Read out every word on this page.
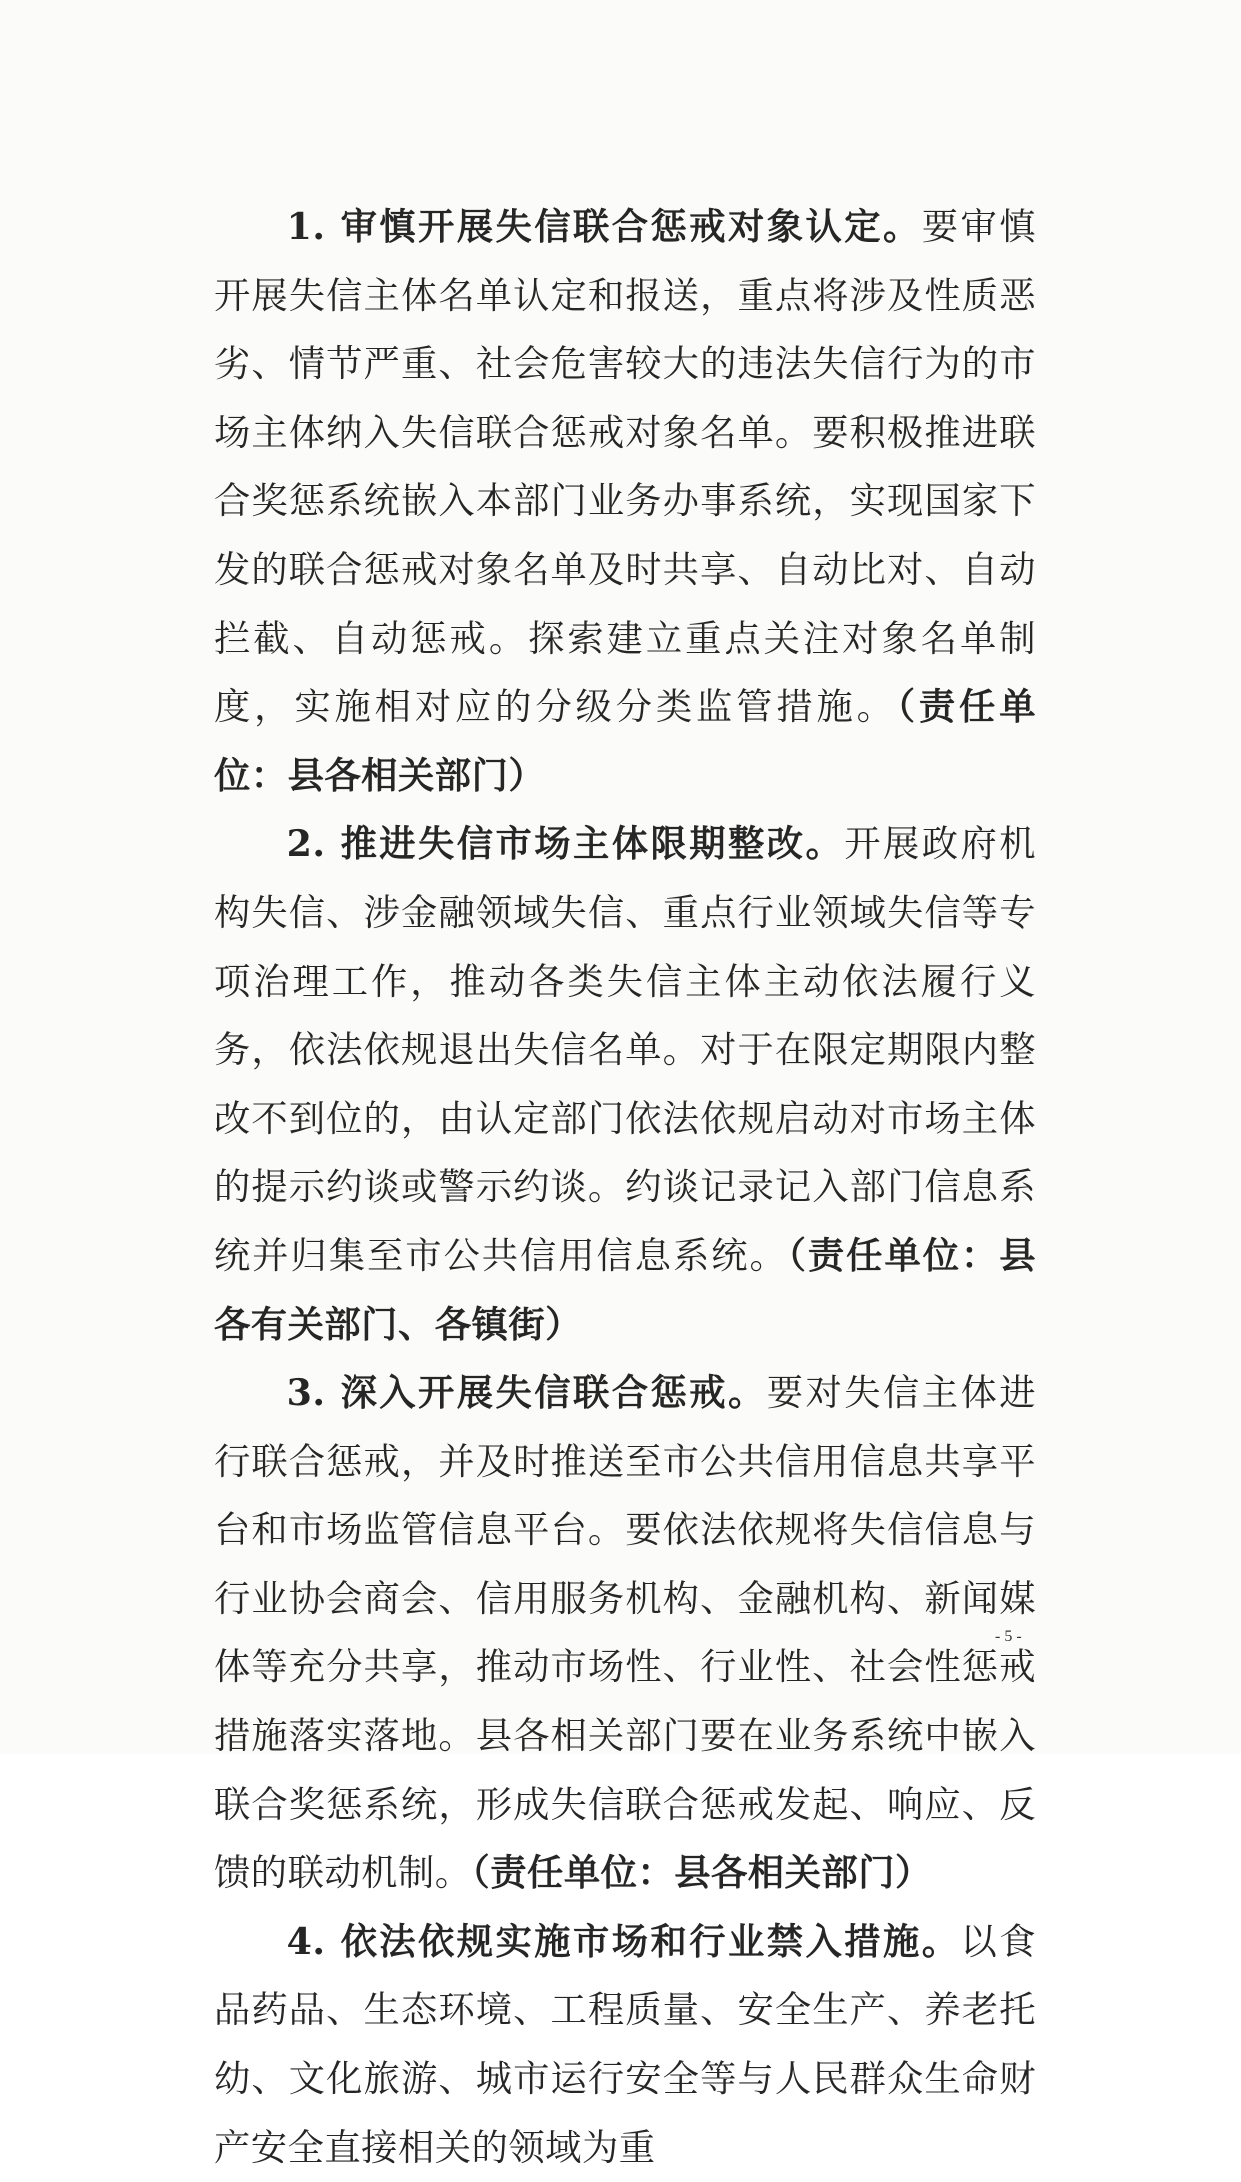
1. 审慎开展失信联合惩戒对象认定。要审慎开展失信主体名单认定和报送，重点将涉及性质恶劣、情节严重、社会危害较大的违法失信行为的市场主体纳入失信联合惩戒对象名单。要积极推进联合奖惩系统嵌入本部门业务办事系统，实现国家下发的联合惩戒对象名单及时共享、自动比对、自动拦截、自动惩戒。探索建立重点关注对象名单制度，实施相对应的分级分类监管措施。（责任单位：县各相关部门）

2. 推进失信市场主体限期整改。开展政府机构失信、涉金融领域失信、重点行业领域失信等专项治理工作，推动各类失信主体主动依法履行义务，依法依规退出失信名单。对于在限定期限内整改不到位的，由认定部门依法依规启动对市场主体的提示约谈或警示约谈。约谈记录记入部门信息系统并归集至市公共信用信息系统。（责任单位：县各有关部门、各镇街）

3. 深入开展失信联合惩戒。要对失信主体进行联合惩戒，并及时推送至市公共信用信息共享平台和市场监管信息平台。要依法依规将失信信息与行业协会商会、信用服务机构、金融机构、新闻媒体等充分共享，推动市场性、行业性、社会性惩戒措施落实落地。县各相关部门要在业务系统中嵌入联合奖惩系统，形成失信联合惩戒发起、响应、反馈的联动机制。（责任单位：县各相关部门）

4. 依法依规实施市场和行业禁入措施。以食品药品、生态环境、工程质量、安全生产、养老托幼、文化旅游、城市运行安全等与人民群众生命财产安全直接相关的领域为重

- 5 -
